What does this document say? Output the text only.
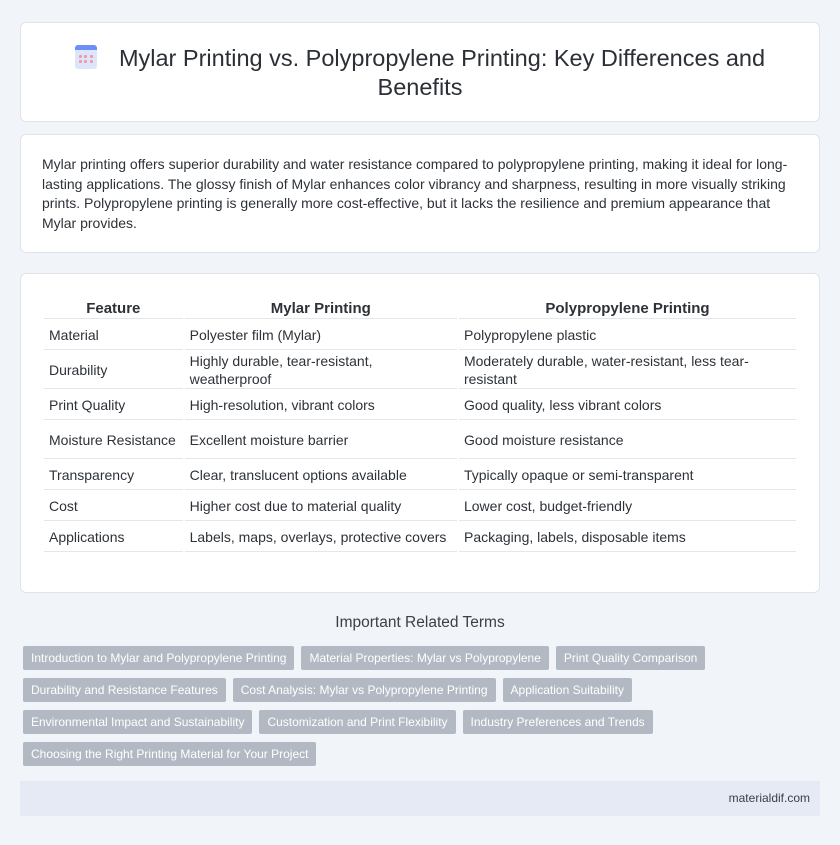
Mylar Printing vs. Polypropylene Printing: Key Differences and Benefits

Mylar printing offers superior durability and water resistance compared to polypropylene printing, making it ideal for long-lasting applications. The glossy finish of Mylar enhances color vibrancy and sharpness, resulting in more visually striking prints. Polypropylene printing is generally more cost-effective, but it lacks the resilience and premium appearance that Mylar provides.

Feature	Mylar Printing	Polypropylene Printing
Material	Polyester film (Mylar)	Polypropylene plastic
Durability	Highly durable, tear-resistant, weatherproof	Moderately durable, water-resistant, less tear-resistant
Print Quality	High-resolution, vibrant colors	Good quality, less vibrant colors
Moisture Resistance	Excellent moisture barrier	Good moisture resistance
Transparency	Clear, translucent options available	Typically opaque or semi-transparent
Cost	Higher cost due to material quality	Lower cost, budget-friendly
Applications	Labels, maps, overlays, protective covers	Packaging, labels, disposable items
Important Related Terms
Introduction to Mylar and Polypropylene Printing	Material Properties: Mylar vs Polypropylene	Print Quality Comparison
Durability and Resistance Features	Cost Analysis: Mylar vs Polypropylene Printing	Application Suitability
Environmental Impact and Sustainability	Customization and Print Flexibility	Industry Preferences and Trends
Choosing the Right Printing Material for Your Project
materialdif.com
